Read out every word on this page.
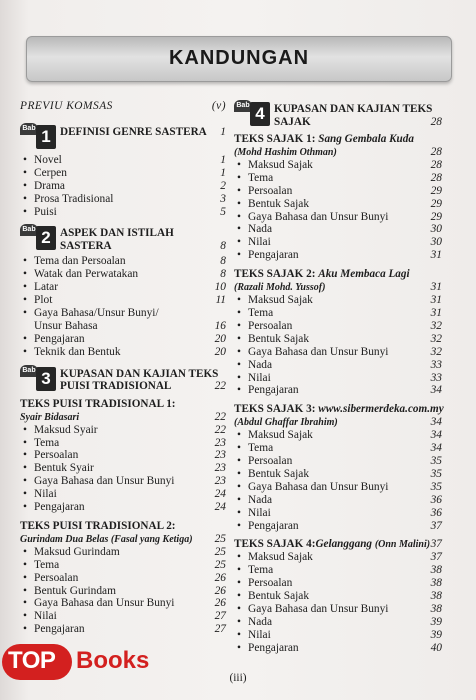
KANDUNGAN
PREVIU KOMSAS	(v)
Bab 1 DEFINISI GENRE SASTERA 1
• Novel	1
• Cerpen	1
• Drama	2
• Prosa Tradisional	3
• Puisi	5
Bab 2 ASPEK DAN ISTILAH
SASTERA	8
• Tema dan Persoalan	8
• Watak dan Perwatakan	8
• Latar	10
• Plot	11
• Gaya Bahasa/Unsur Bunyi/
Unsur Bahasa	16
• Pengajaran	20
• Teknik dan Bentuk	20
Bab 3 KUPASAN DAN KAJIAN TEKS
PUISI TRADISIONAL	22
TEKS PUISI TRADISIONAL 1:
Syair Bidasari	22
• Maksud Syair	22
• Tema	23
• Persoalan	23
• Bentuk Syair	23
• Gaya Bahasa dan Unsur Bunyi	23
• Nilai	24
• Pengajaran	24
TEKS PUISI TRADISIONAL 2:
Gurindam Dua Belas (Fasal yang Ketiga) 25
• Maksud Gurindam	25
• Tema	25
• Persoalan	26
• Bentuk Gurindam	26
• Gaya Bahasa dan Unsur Bunyi	26
• Nilai	27
• Pengajaran	27
Bab 4 KUPASAN DAN KAJIAN TEKS
SAJAK	28
TEKS SAJAK 1: Sang Gembala Kuda
(Mohd Hashim Othman)	28
• Maksud Sajak	28
• Tema	28
• Persoalan	29
• Bentuk Sajak	29
• Gaya Bahasa dan Unsur Bunyi	29
• Nada	30
• Nilai	30
• Pengajaran	31
TEKS SAJAK 2: Aku Membaca Lagi
(Razali Mohd. Yussof)	31
• Maksud Sajak	31
• Tema	31
• Persoalan	32
• Bentuk Sajak	32
• Gaya Bahasa dan Unsur Bunyi	32
• Nada	33
• Nilai	33
• Pengajaran	34
TEKS SAJAK 3: www.sibermerdeka.com.my
(Abdul Ghaffar Ibrahim)	34
• Maksud Sajak	34
• Tema	34
• Persoalan	35
• Bentuk Sajak	35
• Gaya Bahasa dan Unsur Bunyi	35
• Nada	36
• Nilai	36
• Pengajaran	37
TEKS SAJAK 4: Gelanggang
(Onn Malini) 37
• Maksud Sajak	37
• Tema	38
• Persoalan	38
• Bentuk Sajak	38
• Gaya Bahasa dan Unsur Bunyi	38
• Nada	39
• Nilai	39
• Pengajaran	40
(iii)
TOP Books
